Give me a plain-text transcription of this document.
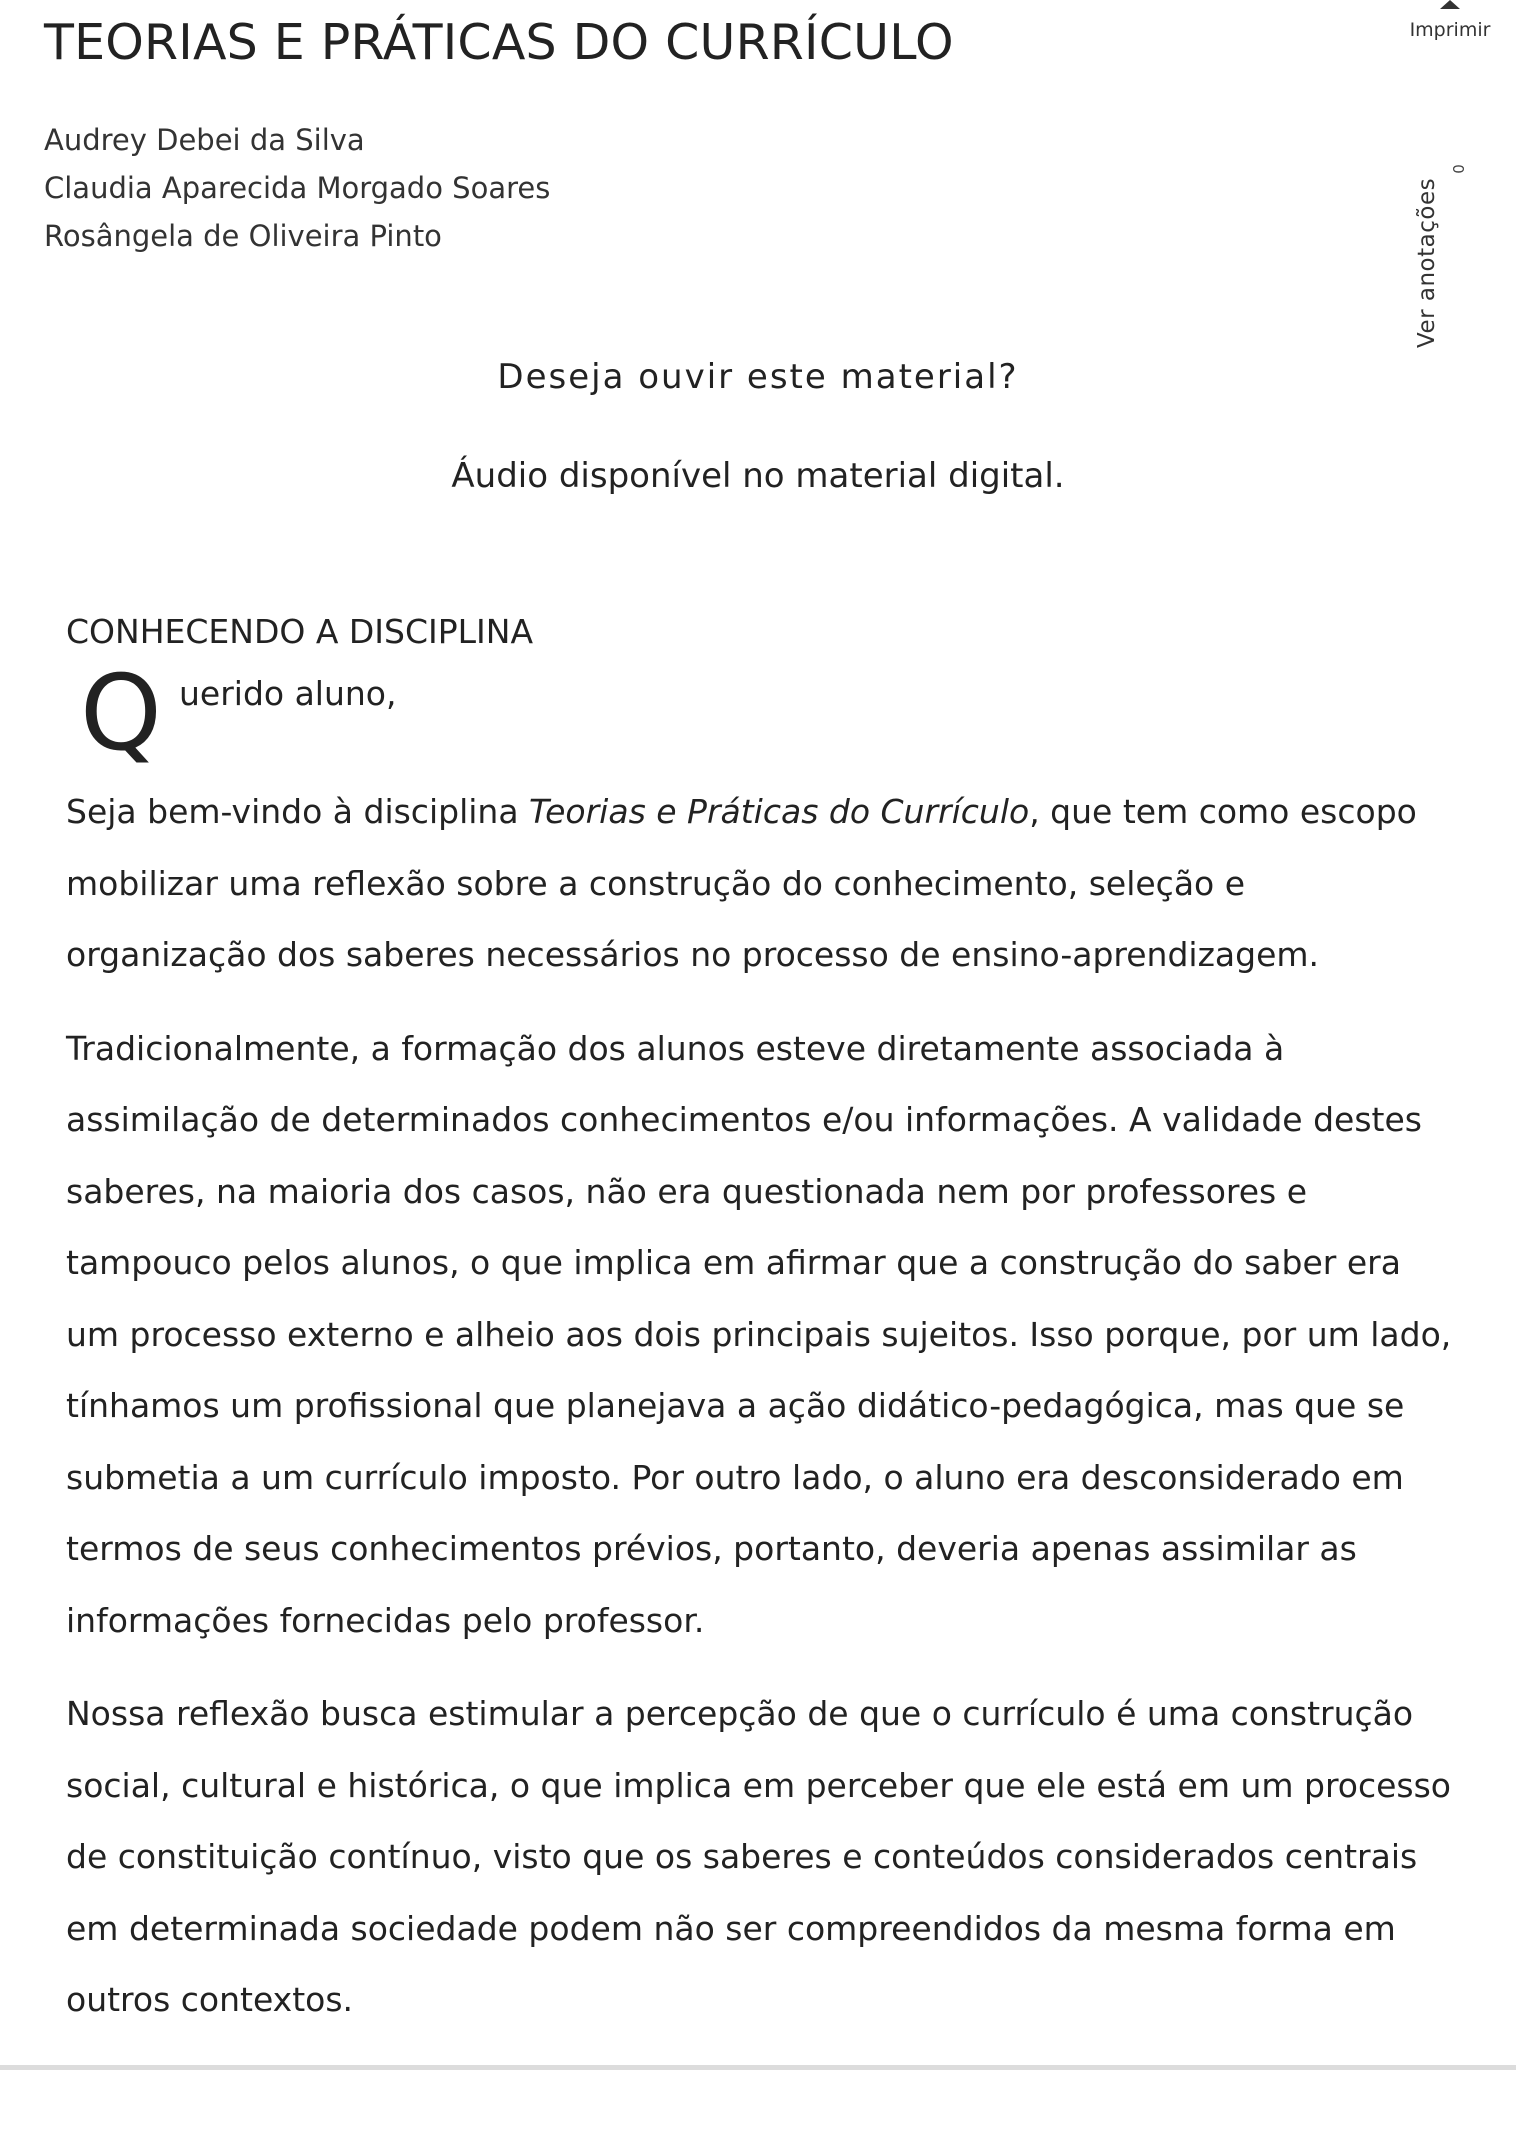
TEORIAS E PRÁTICAS DO CURRÍCULO
Audrey Debei da Silva
Claudia Aparecida Morgado Soares
Rosângela de Oliveira Pinto
Imprimir
0
Ver anotações
Deseja ouvir este material?
Áudio disponível no material digital.
CONHECENDO A DISCIPLINA
Q uerido aluno,

Seja bem-vindo à disciplina Teorias e Práticas do Currículo, que tem como escopo mobilizar uma reflexão sobre a construção do conhecimento, seleção e organização dos saberes necessários no processo de ensino-aprendizagem.

Tradicionalmente, a formação dos alunos esteve diretamente associada à assimilação de determinados conhecimentos e/ou informações. A validade destes saberes, na maioria dos casos, não era questionada nem por professores e tampouco pelos alunos, o que implica em afirmar que a construção do saber era um processo externo e alheio aos dois principais sujeitos. Isso porque, por um lado, tínhamos um profissional que planejava a ação didático-pedagógica, mas que se submetia a um currículo imposto. Por outro lado, o aluno era desconsiderado em termos de seus conhecimentos prévios, portanto, deveria apenas assimilar as informações fornecidas pelo professor.

Nossa reflexão busca estimular a percepção de que o currículo é uma construção social, cultural e histórica, o que implica em perceber que ele está em um processo de constituição contínuo, visto que os saberes e conteúdos considerados centrais em determinada sociedade podem não ser compreendidos da mesma forma em outros contextos.
